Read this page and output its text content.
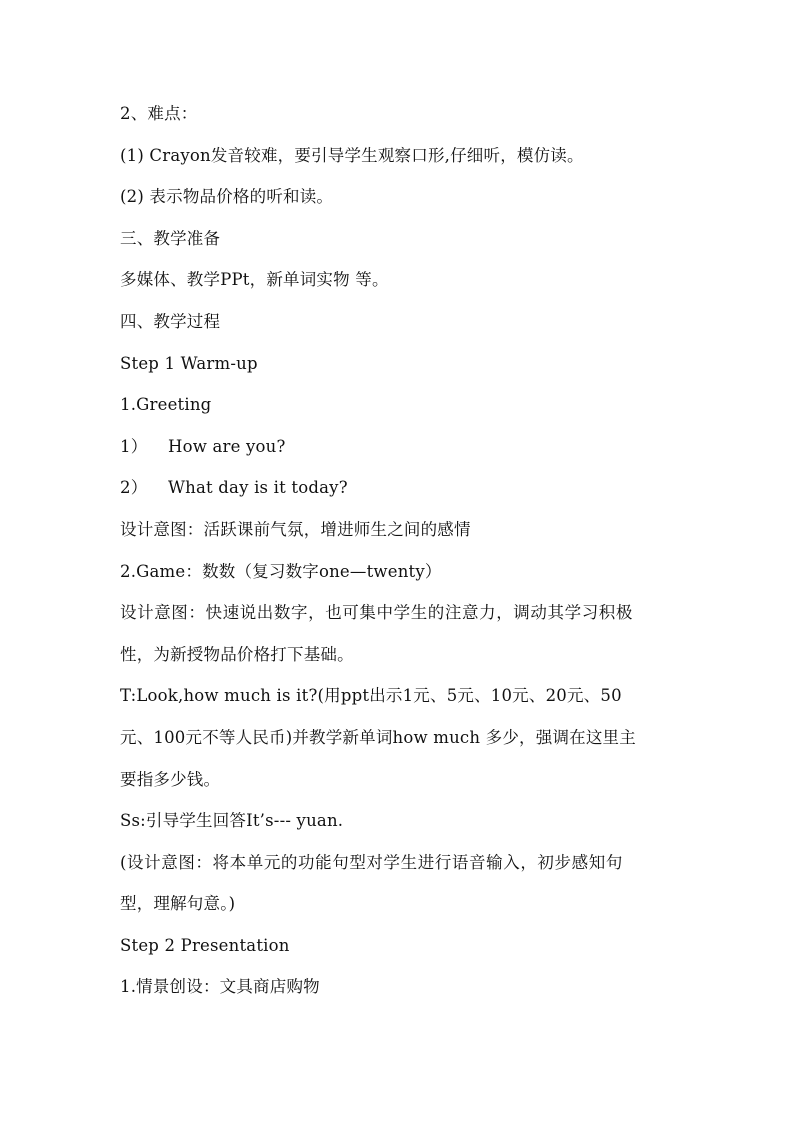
2、难点：
(1) Crayon发音较难，要引导学生观察口形,仔细听，模仿读。
(2) 表示物品价格的听和读。
三、教学准备
多媒体、教学PPt，新单词实物 等。
四、教学过程
Step 1 Warm-up
1.Greeting
1） How are you?
2） What day is it today?
设计意图：活跃课前气氛，增进师生之间的感情
2.Game：数数（复习数字one—twenty）
设计意图：快速说出数字，也可集中学生的注意力，调动其学习积极
性，为新授物品价格打下基础。
T:Look,how much is it?(用ppt出示1元、5元、10元、20元、50
元、100元不等人民币)并教学新单词how much 多少，强调在这里主
要指多少钱。
Ss:引导学生回答It’s--- yuan.
(设计意图：将本单元的功能句型对学生进行语音输入，初步感知句
型，理解句意。)
Step 2 Presentation
1.情景创设：文具商店购物
